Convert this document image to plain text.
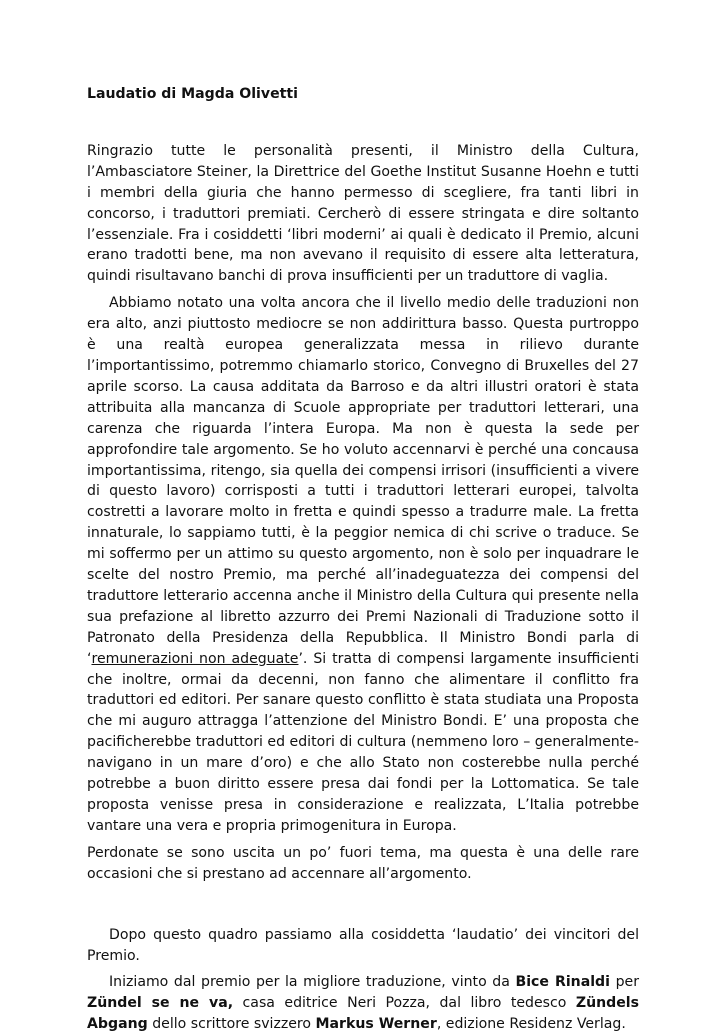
Laudatio di Magda Olivetti

Ringrazio tutte le personalità presenti, il Ministro della Cultura, l’Ambasciatore Steiner, la Direttrice del Goethe Institut Susanne Hoehn e tutti i membri della giuria che hanno permesso di scegliere, fra tanti libri in concorso, i traduttori premiati. Cercherò di essere stringata e dire soltanto l’essenziale. Fra i cosiddetti ‘libri moderni’ ai quali è dedicato il Premio, alcuni erano tradotti bene, ma non avevano il requisito di essere alta letteratura, quindi risultavano banchi di prova insufficienti per un traduttore di vaglia.

Abbiamo notato una volta ancora che il livello medio delle traduzioni non era alto, anzi piuttosto mediocre se non addirittura basso. Questa purtroppo è una realtà europea generalizzata messa in rilievo durante l’importantissimo, potremmo chiamarlo storico, Convegno di Bruxelles del 27 aprile scorso. La causa additata da Barroso e da altri illustri oratori è stata attribuita alla mancanza di Scuole appropriate per traduttori letterari, una carenza che riguarda l’intera Europa. Ma non è questa la sede per approfondire tale argomento. Se ho voluto accennarvi è perché una concausa importantissima, ritengo, sia quella dei compensi irrisori (insufficienti a vivere di questo lavoro) corrisposti a tutti i traduttori letterari europei, talvolta costretti a lavorare molto in fretta e quindi spesso a tradurre male. La fretta innaturale, lo sappiamo tutti, è la peggior nemica di chi scrive o traduce. Se mi soffermo per un attimo su questo argomento, non è solo per inquadrare le scelte del nostro Premio, ma perché all’inadeguatezza dei compensi del traduttore letterario accenna anche il Ministro della Cultura qui presente nella sua prefazione al libretto azzurro dei Premi Nazionali di Traduzione sotto il Patronato della Presidenza della Repubblica. Il Ministro Bondi parla di ‘remunerazioni non adeguate’. Si tratta di compensi largamente insufficienti che inoltre, ormai da decenni, non fanno che alimentare il conflitto fra traduttori ed editori. Per sanare questo conflitto è stata studiata una Proposta che mi auguro attragga l’attenzione del Ministro Bondi. E’ una proposta che pacificherebbe traduttori ed editori di cultura (nemmeno loro – generalmente- navigano in un mare d’oro) e che allo Stato non costerebbe nulla perché potrebbe a buon diritto essere presa dai fondi per la Lottomatica. Se tale proposta venisse presa in considerazione e realizzata, L’Italia potrebbe vantare una vera e propria primogenitura in Europa.

Perdonate se sono uscita un po’ fuori tema, ma questa è una delle rare occasioni che si prestano ad accennare all’argomento.

Dopo questo quadro passiamo alla cosiddetta ‘laudatio’ dei vincitori del Premio.

Iniziamo dal premio per la migliore traduzione, vinto da Bice Rinaldi per Zündel se ne va, casa editrice Neri Pozza, dal libro tedesco Zündels Abgang dello scrittore svizzero Markus Werner, edizione Residenz Verlag.
